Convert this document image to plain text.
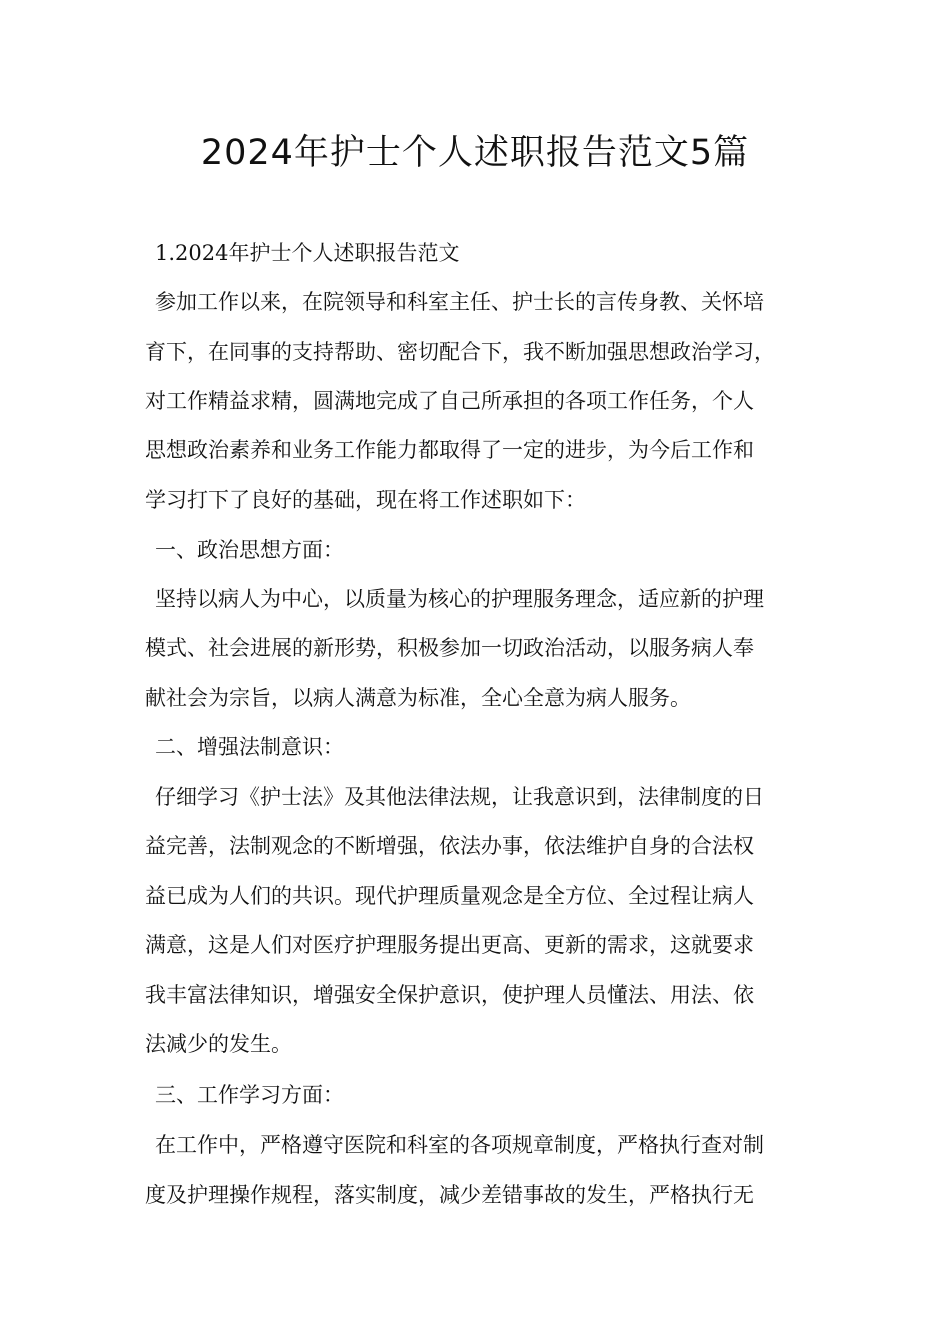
2024年护士个人述职报告范文5篇
1.2024年护士个人述职报告范文
参加工作以来，在院领导和科室主任、护士长的言传身教、关怀培
育下，在同事的支持帮助、密切配合下，我不断加强思想政治学习，
对工作精益求精，圆满地完成了自己所承担的各项工作任务，个人
思想政治素养和业务工作能力都取得了一定的进步，为今后工作和
学习打下了良好的基础，现在将工作述职如下：
一、政治思想方面：
坚持以病人为中心，以质量为核心的护理服务理念，适应新的护理
模式、社会进展的新形势，积极参加一切政治活动，以服务病人奉
献社会为宗旨，以病人满意为标准，全心全意为病人服务。
二、增强法制意识：
仔细学习《护士法》及其他法律法规，让我意识到，法律制度的日
益完善，法制观念的不断增强，依法办事，依法维护自身的合法权
益已成为人们的共识。现代护理质量观念是全方位、全过程让病人
满意，这是人们对医疗护理服务提出更高、更新的需求，这就要求
我丰富法律知识，增强安全保护意识，使护理人员懂法、用法、依
法减少的发生。
三、工作学习方面：
在工作中，严格遵守医院和科室的各项规章制度，严格执行查对制
度及护理操作规程，落实制度，减少差错事故的发生，严格执行无
